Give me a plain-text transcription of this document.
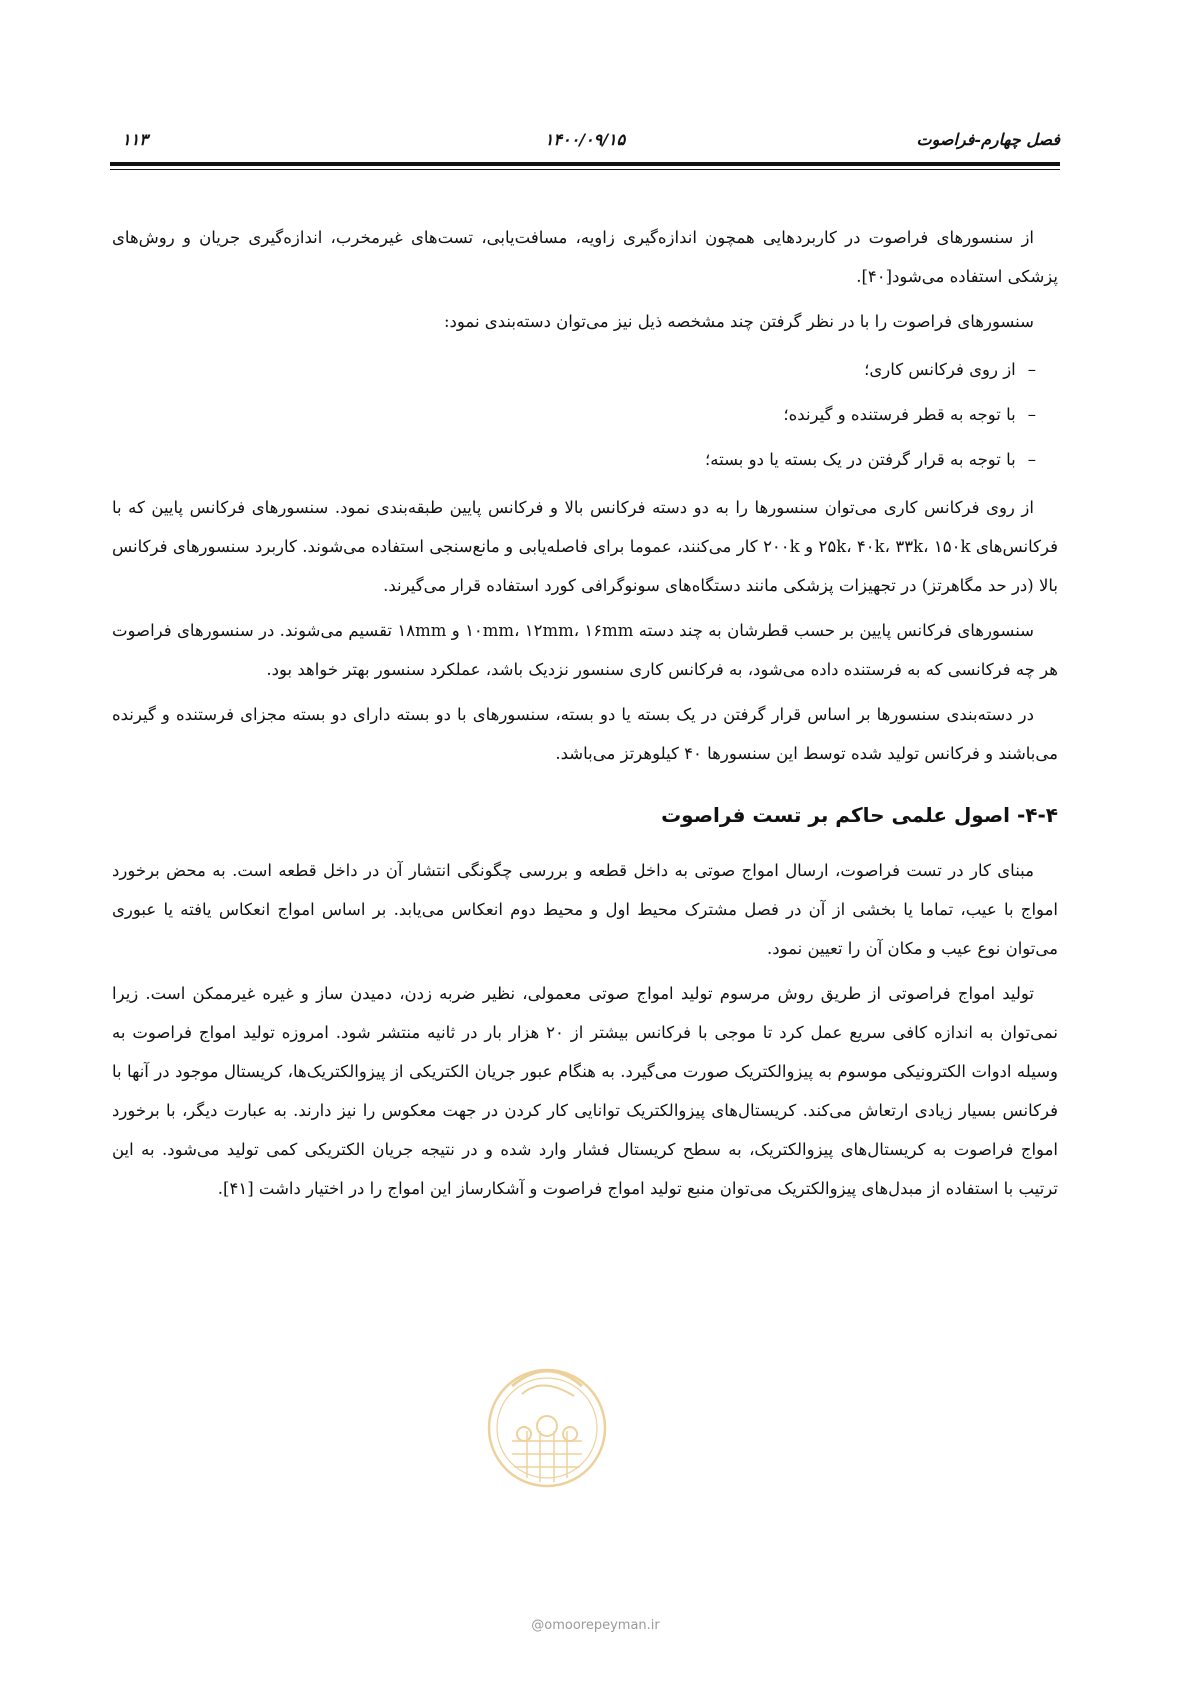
فصل چهارم-فراصوت
۱۴۰۰/۰۹/۱۵
۱۱۳

از سنسورهای فراصوت در کاربردهایی همچون اندازه‌گیری زاویه، مسافت‌یابی، تست‌های غیرمخرب، اندازه‌گیری جریان و روش‌های پزشکی استفاده می‌شود[۴۰].

سنسورهای فراصوت را با در نظر گرفتن چند مشخصه ذیل نیز می‌توان دسته‌بندی نمود:

– از روی فرکانس کاری؛
– با توجه به قطر فرستنده و گیرنده؛
– با توجه به قرار گرفتن در یک بسته یا دو بسته؛

از روی فرکانس کاری می‌توان سنسورها را به دو دسته فرکانس بالا و فرکانس پایین طبقه‌بندی نمود. سنسورهای فرکانس پایین که با فرکانس‌های ۲۵k، ۴۰k، ۳۳k، ۱۵۰k و ۲۰۰k کار می‌کنند، عموما برای فاصله‌یابی و مانع‌سنجی استفاده می‌شوند. کاربرد سنسورهای فرکانس بالا (در حد مگاهرتز) در تجهیزات پزشکی مانند دستگاه‌های سونوگرافی کورد استفاده قرار می‌گیرند.

سنسورهای فرکانس پایین بر حسب قطرشان به چند دسته ۱۰mm، ۱۲mm، ۱۶mm و ۱۸mm تقسیم می‌شوند. در سنسورهای فراصوت هر چه فرکانسی که به فرستنده داده می‌شود، به فرکانس کاری سنسور نزدیک باشد، عملکرد سنسور بهتر خواهد بود.

در دسته‌بندی سنسورها بر اساس قرار گرفتن در یک بسته یا دو بسته، سنسورهای با دو بسته دارای دو بسته مجزای فرستنده و گیرنده می‌باشند و فرکانس تولید شده توسط این سنسورها ۴۰ کیلوهرتز می‌باشد.

۴-۴- اصول علمی حاکم بر تست فراصوت

مبنای کار در تست فراصوت، ارسال امواج صوتی به داخل قطعه و بررسی چگونگی انتشار آن در داخل قطعه است. به محض برخورد امواج با عیب، تماما یا بخشی از آن در فصل مشترک محیط اول و محیط دوم انعکاس می‌یابد. بر اساس امواج انعکاس یافته یا عبوری می‌توان نوع عیب و مکان آن را تعیین نمود.

تولید امواج فراصوتی از طریق روش مرسوم تولید امواج صوتی معمولی، نظیر ضربه زدن، دمیدن ساز و غیره غیرممکن است. زیرا نمی‌توان به اندازه کافی سریع عمل کرد تا موجی با فرکانس بیشتر از ۲۰ هزار بار در ثانیه منتشر شود. امروزه تولید امواج فراصوت به وسیله ادوات الکترونیکی موسوم به پیزوالکتریک صورت می‌گیرد. به هنگام عبور جریان الکتریکی از پیزوالکتریک‌ها، کریستال موجود در آنها با فرکانس بسیار زیادی ارتعاش می‌کند. کریستال‌های پیزوالکتریک توانایی کار کردن در جهت معکوس را نیز دارند. به عبارت دیگر، با برخورد امواج فراصوت به کریستال‌های پیزوالکتریک، به سطح کریستال فشار وارد شده و در نتیجه جریان الکتریکی کمی تولید می‌شود. به این ترتیب با استفاده از مبدل‌های پیزوالکتریک می‌توان منبع تولید امواج فراصوت و آشکارساز این امواج را در اختیار داشت [۴۱].

@omoorepeyman.ir
